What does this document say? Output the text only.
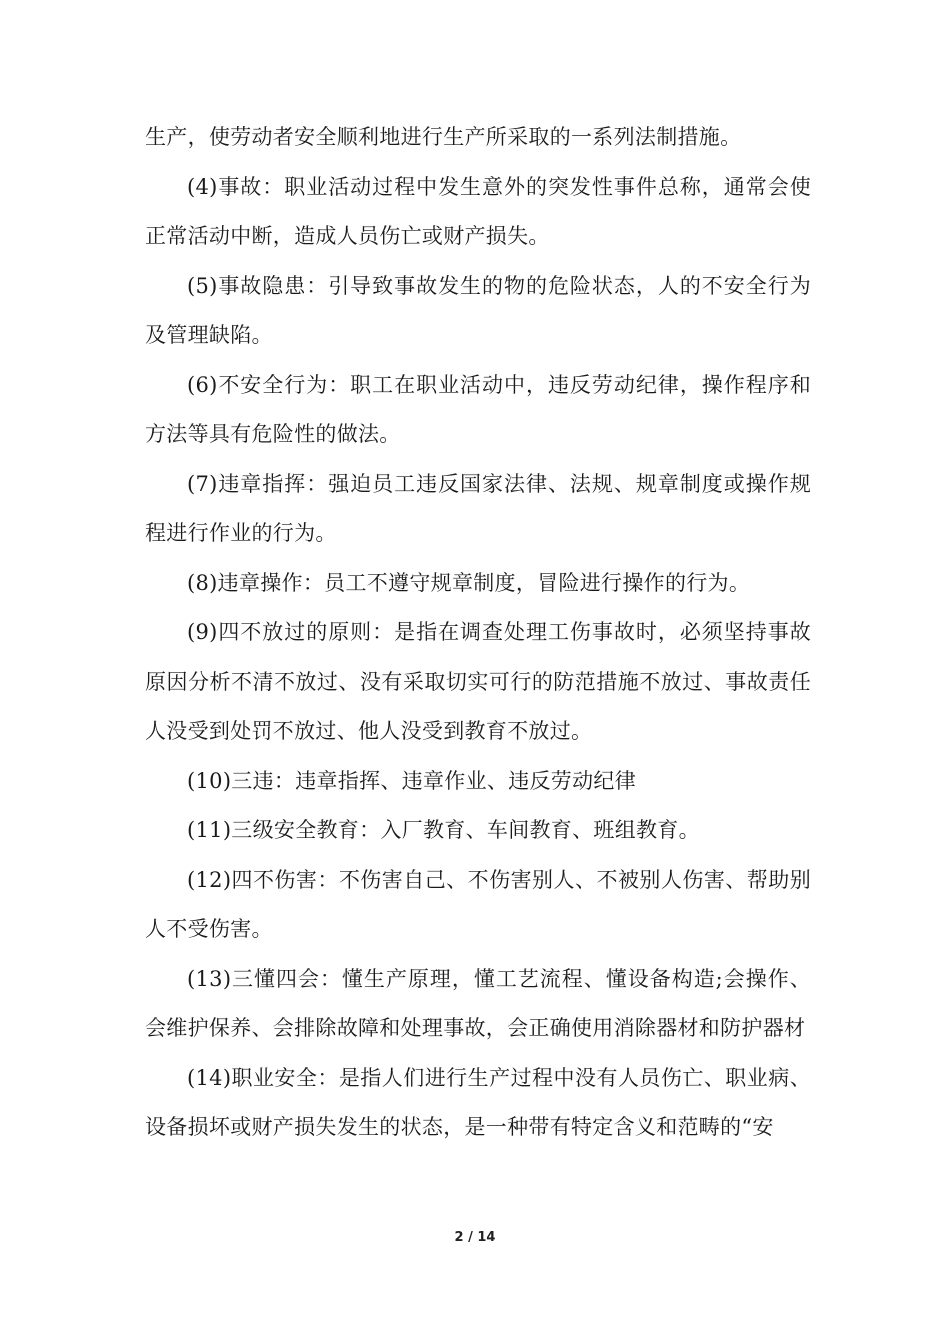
生产，使劳动者安全顺利地进行生产所采取的一系列法制措施。

(4)事故：职业活动过程中发生意外的突发性事件总称，通常会使正常活动中断，造成人员伤亡或财产损失。

(5)事故隐患：引导致事故发生的物的危险状态，人的不安全行为及管理缺陷。

(6)不安全行为：职工在职业活动中，违反劳动纪律，操作程序和方法等具有危险性的做法。

(7)违章指挥：强迫员工违反国家法律、法规、规章制度或操作规程进行作业的行为。

(8)违章操作：员工不遵守规章制度，冒险进行操作的行为。

(9)四不放过的原则：是指在调查处理工伤事故时，必须坚持事故原因分析不清不放过、没有采取切实可行的防范措施不放过、事故责任人没受到处罚不放过、他人没受到教育不放过。

(10)三违：违章指挥、违章作业、违反劳动纪律

(11)三级安全教育：入厂教育、车间教育、班组教育。

(12)四不伤害：不伤害自己、不伤害别人、不被别人伤害、帮助别人不受伤害。

(13)三懂四会：懂生产原理，懂工艺流程、懂设备构造;会操作、会维护保养、会排除故障和处理事故，会正确使用消除器材和防护器材

(14)职业安全：是指人们进行生产过程中没有人员伤亡、职业病、设备损坏或财产损失发生的状态，是一种带有特定含义和范畴的“安

2 / 14
